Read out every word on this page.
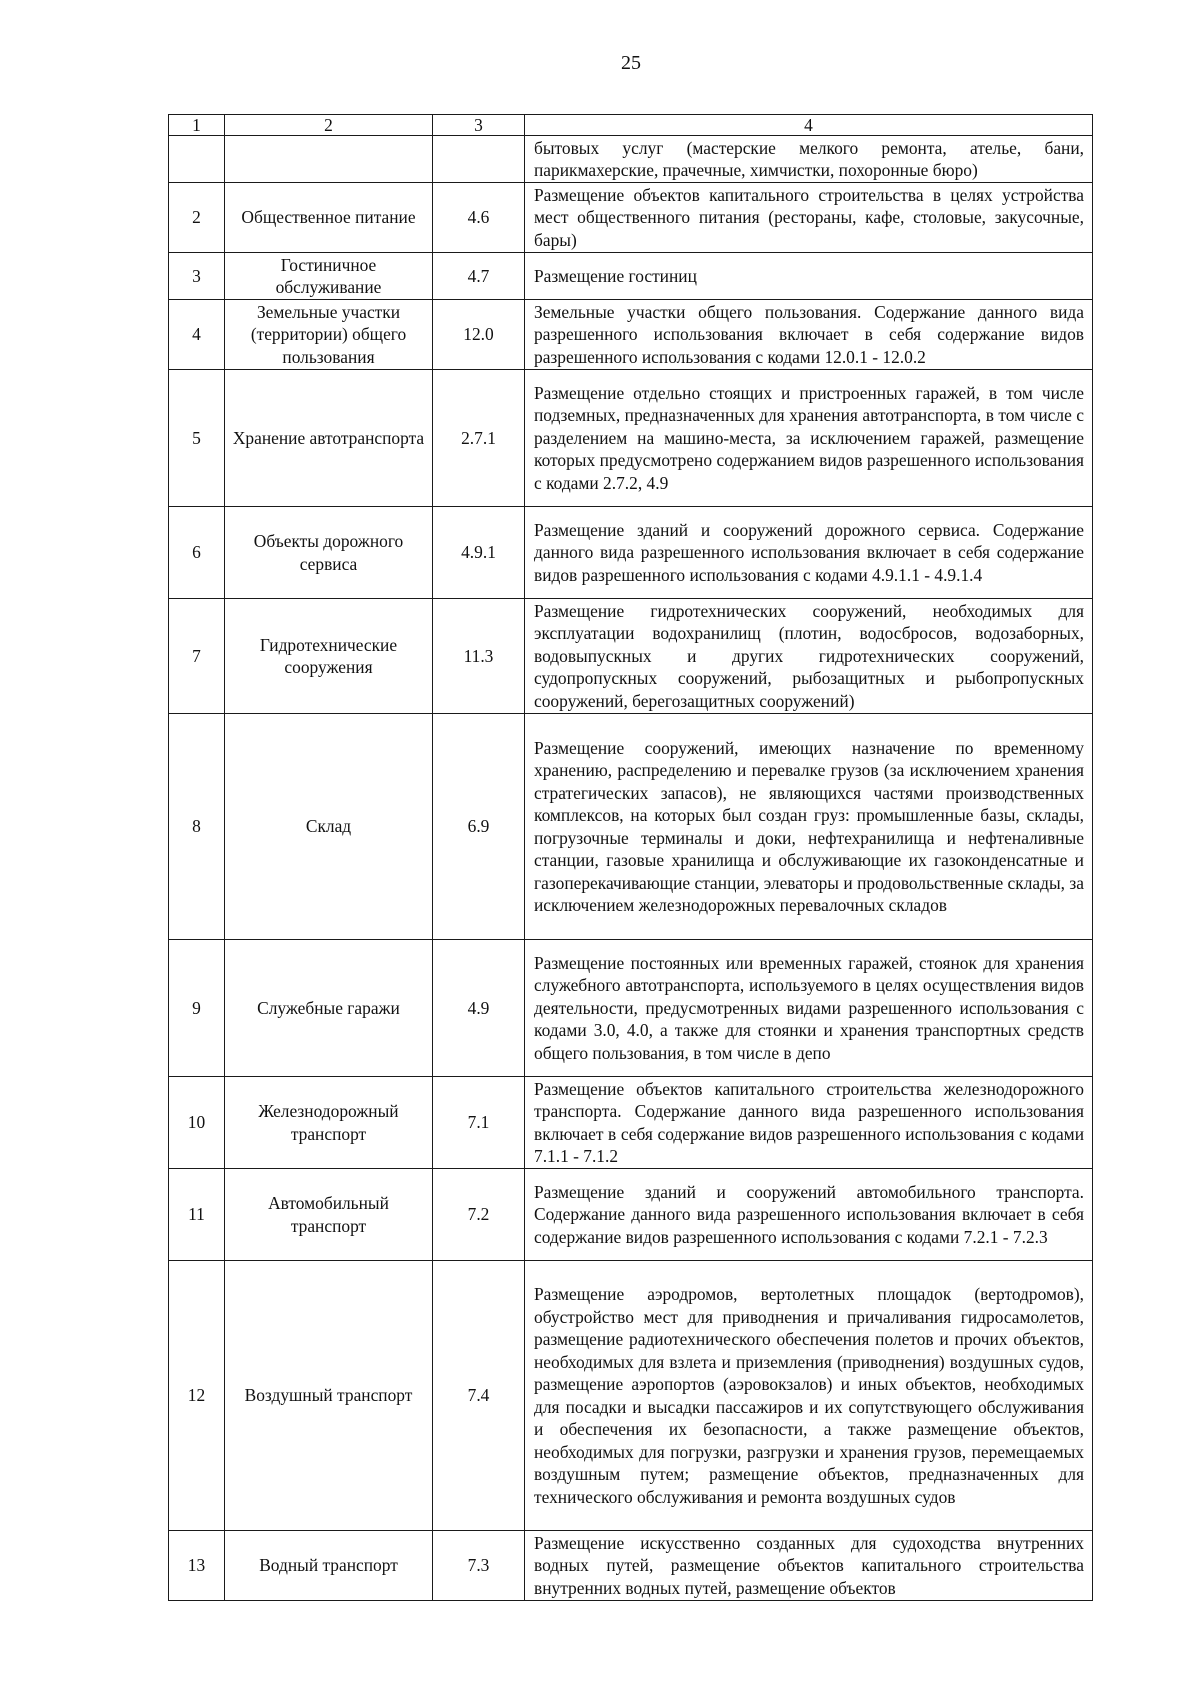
25
1	2	3	4
			бытовых услуг (мастерские мелкого ремонта, ателье, бани, парикмахерские, прачечные, химчистки, похоронные бюро)
2	Общественное питание	4.6	Размещение объектов капитального строительства в целях устройства мест общественного питания (рестораны, кафе, столовые, закусочные, бары)
3	Гостиничное обслуживание	4.7	Размещение гостиниц
4	Земельные участки (территории) общего пользования	12.0	Земельные участки общего пользования. Содержание данного вида разрешенного использования включает в себя содержание видов разрешенного использования с кодами 12.0.1 - 12.0.2
5	Хранение автотранспорта	2.7.1	Размещение отдельно стоящих и пристроенных гаражей, в том числе подземных, предназначенных для хранения автотранспорта, в том числе с разделением на машино-места, за исключением гаражей, размещение которых предусмотрено содержанием видов разрешенного использования с кодами 2.7.2, 4.9
6	Объекты дорожного сервиса	4.9.1	Размещение зданий и сооружений дорожного сервиса. Содержание данного вида разрешенного использования включает в себя содержание видов разрешенного использования с кодами 4.9.1.1 - 4.9.1.4
7	Гидротехнические сооружения	11.3	Размещение гидротехнических сооружений, необходимых для эксплуатации водохранилищ (плотин, водосбросов, водозаборных, водовыпускных и других гидротехнических сооружений, судопропускных сооружений, рыбозащитных и рыбопропускных сооружений, берегозащитных сооружений)
8	Склад	6.9	Размещение сооружений, имеющих назначение по временному хранению, распределению и перевалке грузов (за исключением хранения стратегических запасов), не являющихся частями производственных комплексов, на которых был создан груз: промышленные базы, склады, погрузочные терминалы и доки, нефтехранилища и нефтеналивные станции, газовые хранилища и обслуживающие их газоконденсатные и газоперекачивающие станции, элеваторы и продовольственные склады, за исключением железнодорожных перевалочных складов
9	Служебные гаражи	4.9	Размещение постоянных или временных гаражей, стоянок для хранения служебного автотранспорта, используемого в целях осуществления видов деятельности, предусмотренных видами разрешенного использования с кодами 3.0, 4.0, а также для стоянки и хранения транспортных средств общего пользования, в том числе в депо
10	Железнодорожный транспорт	7.1	Размещение объектов капитального строительства железнодорожного транспорта. Содержание данного вида разрешенного использования включает в себя содержание видов разрешенного использования с кодами 7.1.1 - 7.1.2
11	Автомобильный транспорт	7.2	Размещение зданий и сооружений автомобильного транспорта. Содержание данного вида разрешенного использования включает в себя содержание видов разрешенного использования с кодами 7.2.1 - 7.2.3
12	Воздушный транспорт	7.4	Размещение аэродромов, вертолетных площадок (вертодромов), обустройство мест для приводнения и причаливания гидросамолетов, размещение радиотехнического обеспечения полетов и прочих объектов, необходимых для взлета и приземления (приводнения) воздушных судов, размещение аэропортов (аэровокзалов) и иных объектов, необходимых для посадки и высадки пассажиров и их сопутствующего обслуживания и обеспечения их безопасности, а также размещение объектов, необходимых для погрузки, разгрузки и хранения грузов, перемещаемых воздушным путем; размещение объектов, предназначенных для технического обслуживания и ремонта воздушных судов
13	Водный транспорт	7.3	Размещение искусственно созданных для судоходства внутренних водных путей, размещение объектов капитального строительства внутренних водных путей, размещение объектов
